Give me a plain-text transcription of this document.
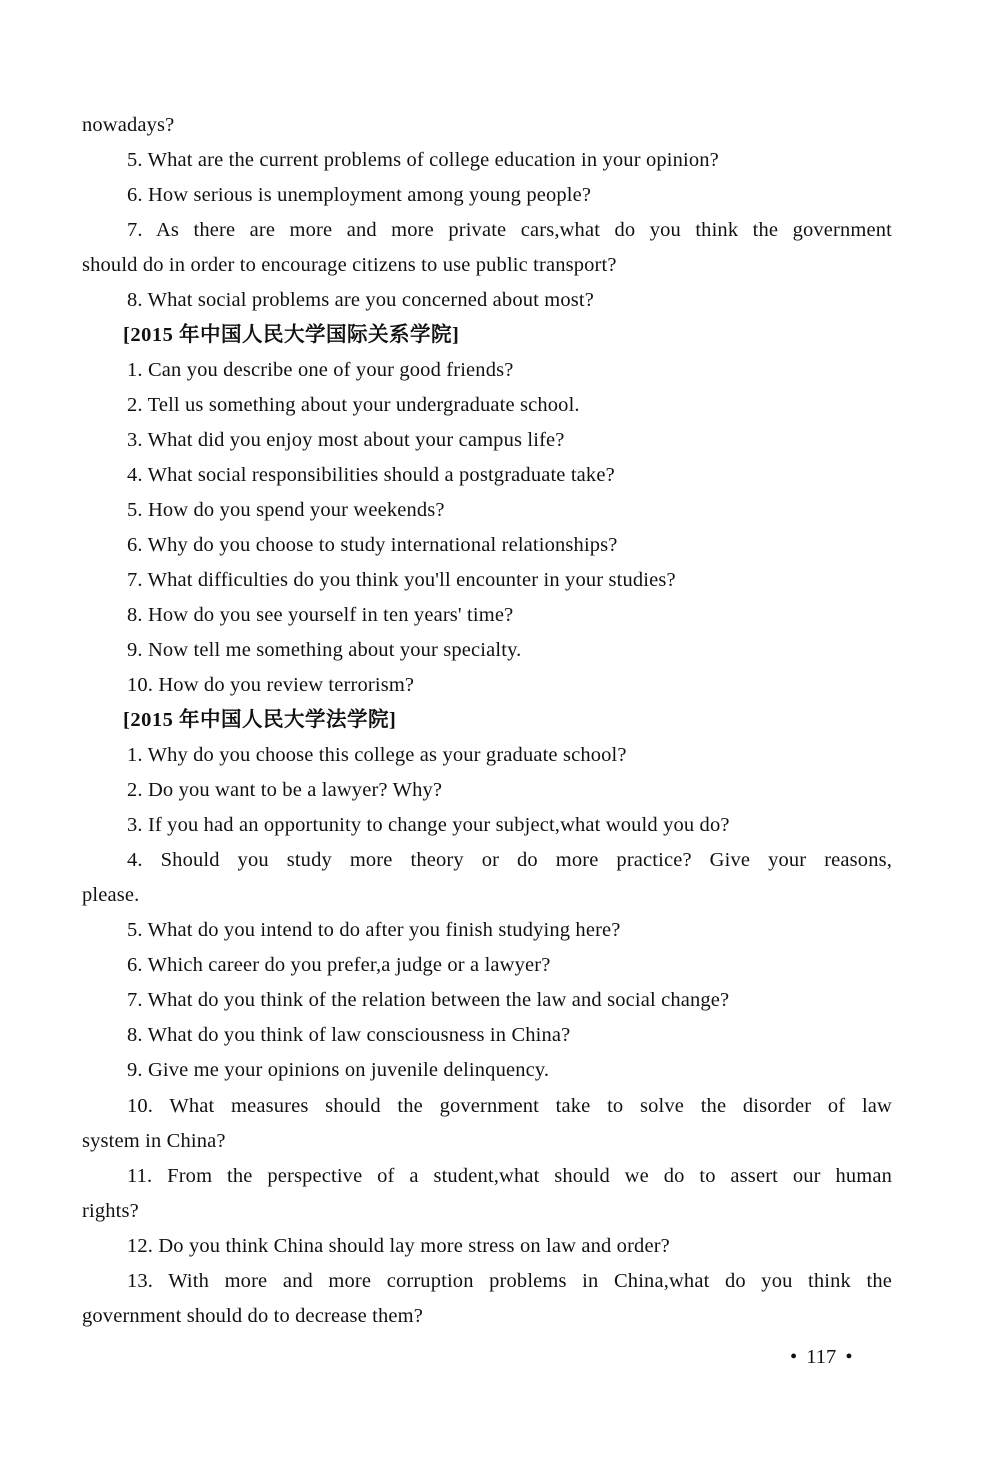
nowadays?
5. What are the current problems of college education in your opinion?
6. How serious is unemployment among young people?
7. As there are more and more private cars,what do you think the government
should do in order to encourage citizens to use public transport?
8. What social problems are you concerned about most?
[2015 年中国人民大学国际关系学院]
1. Can you describe one of your good friends?
2. Tell us something about your undergraduate school.
3. What did you enjoy most about your campus life?
4. What social responsibilities should a postgraduate take?
5. How do you spend your weekends?
6. Why do you choose to study international relationships?
7. What difficulties do you think you'll encounter in your studies?
8. How do you see yourself in ten years' time?
9. Now tell me something about your specialty.
10. How do you review terrorism?
[2015 年中国人民大学法学院]
1. Why do you choose this college as your graduate school?
2. Do you want to be a lawyer? Why?
3. If you had an opportunity to change your subject,what would you do?
4. Should you study more theory or do more practice? Give your reasons,
please.
5. What do you intend to do after you finish studying here?
6. Which career do you prefer,a judge or a lawyer?
7. What do you think of the relation between the law and social change?
8. What do you think of law consciousness in China?
9. Give me your opinions on juvenile delinquency.
10. What measures should the government take to solve the disorder of law
system in China?
11. From the perspective of a student,what should we do to assert our human
rights?
12. Do you think China should lay more stress on law and order?
13. With more and more corruption problems in China,what do you think the
government should do to decrease them?
• 117 •
